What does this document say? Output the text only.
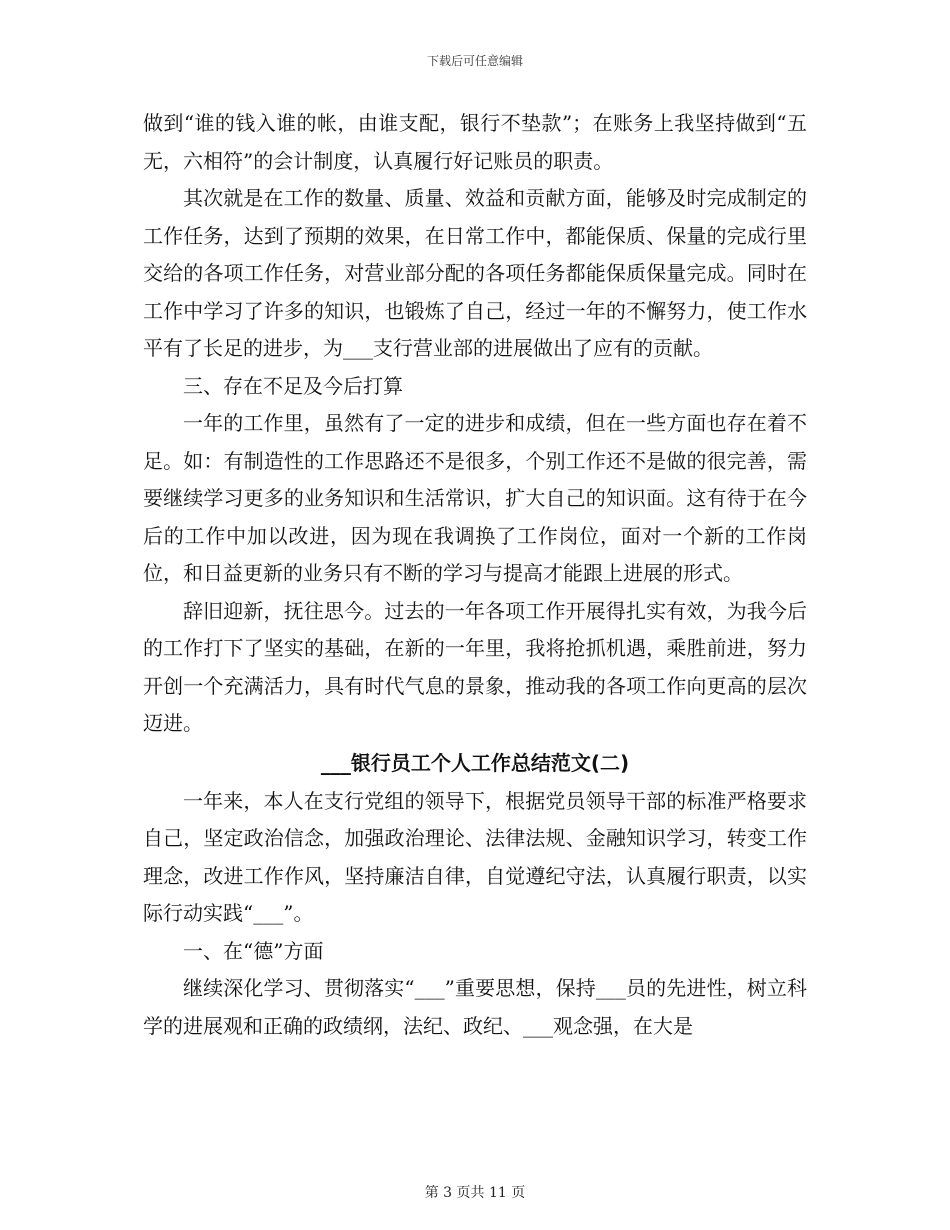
下载后可任意编辑

做到“谁的钱入谁的帐，由谁支配，银行不垫款”；在账务上我坚持做到“五无，六相符”的会计制度，认真履行好记账员的职责。

其次就是在工作的数量、质量、效益和贡献方面，能够及时完成制定的工作任务，达到了预期的效果，在日常工作中，都能保质、保量的完成行里交给的各项工作任务，对营业部分配的各项任务都能保质保量完成。同时在工作中学习了许多的知识，也锻炼了自己，经过一年的不懈努力，使工作水平有了长足的进步，为___支行营业部的进展做出了应有的贡献。

三、存在不足及今后打算

一年的工作里，虽然有了一定的进步和成绩，但在一些方面也存在着不足。如：有制造性的工作思路还不是很多，个别工作还不是做的很完善，需要继续学习更多的业务知识和生活常识，扩大自己的知识面。这有待于在今后的工作中加以改进，因为现在我调换了工作岗位，面对一个新的工作岗位，和日益更新的业务只有不断的学习与提高才能跟上进展的形式。

辞旧迎新，抚往思今。过去的一年各项工作开展得扎实有效，为我今后的工作打下了坚实的基础，在新的一年里，我将抢抓机遇，乘胜前进，努力开创一个充满活力，具有时代气息的景象，推动我的各项工作向更高的层次迈进。

___银行员工个人工作总结范文(二)

一年来，本人在支行党组的领导下，根据党员领导干部的标准严格要求自己，坚定政治信念，加强政治理论、法律法规、金融知识学习，转变工作理念，改进工作作风，坚持廉洁自律，自觉遵纪守法，认真履行职责，以实际行动实践“___”。

一、在“德”方面

继续深化学习、贯彻落实“___”重要思想，保持___员的先进性，树立科学的进展观和正确的政绩纲，法纪、政纪、___观念强，在大是

第 3 页共 11 页
